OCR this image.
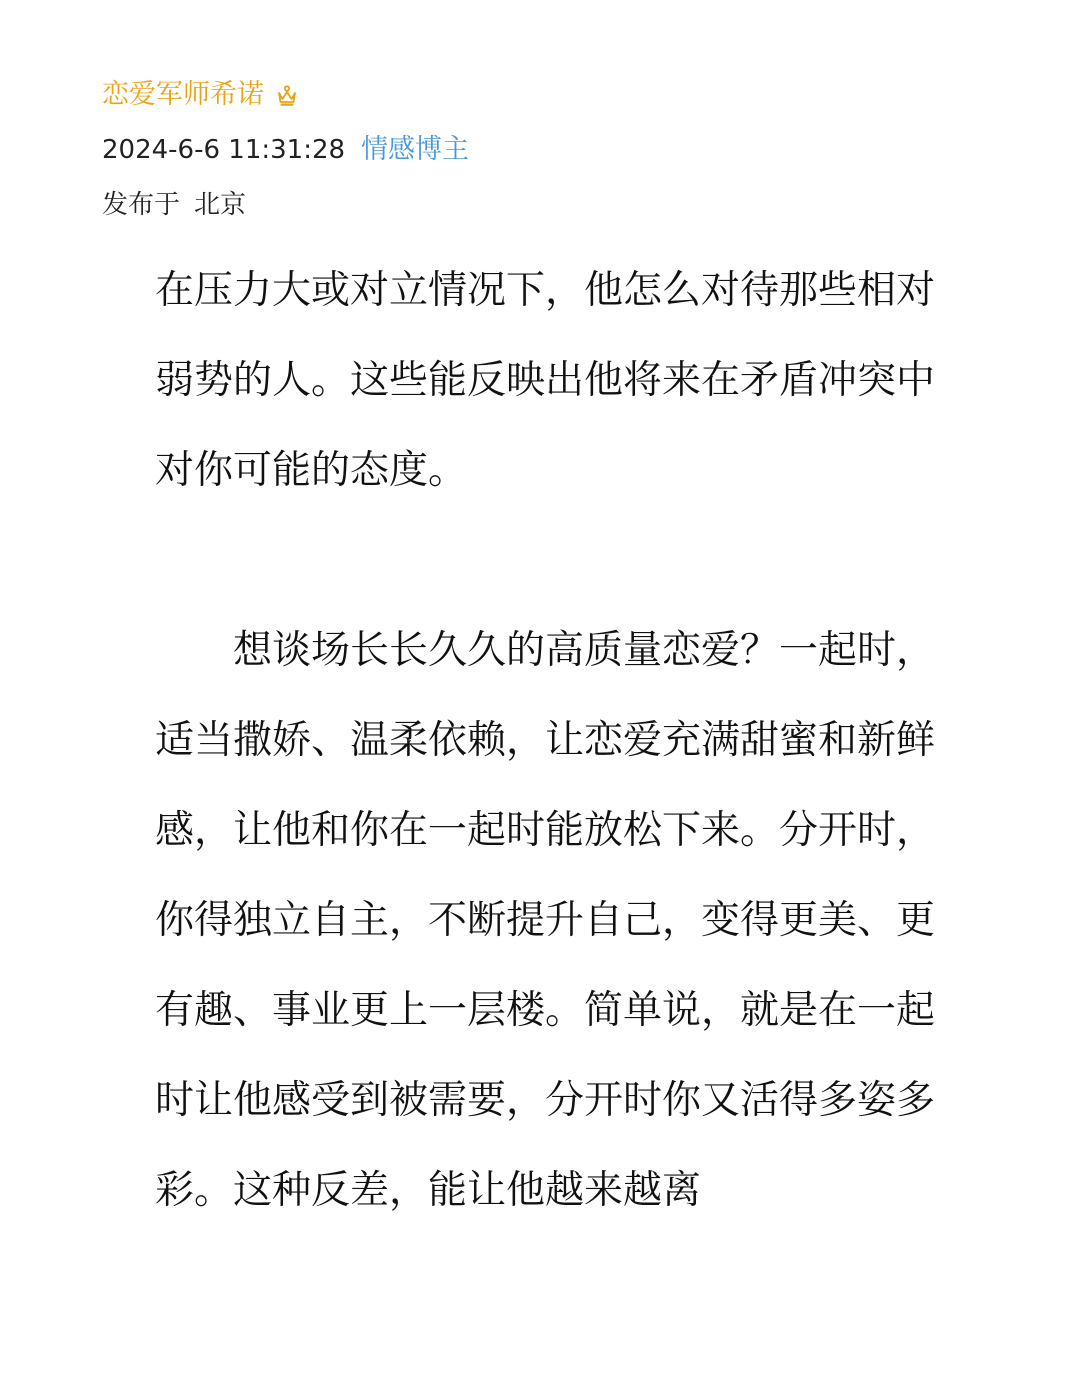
恋爱军师希诺
2024-6-6 11:31:28 情感博主
发布于 北京

在压力大或对立情况下，他怎么对待那些相对弱势的人。这些能反映出他将来在矛盾冲突中对你可能的态度。

　　想谈场长长久久的高质量恋爱？一起时，适当撒娇、温柔依赖，让恋爱充满甜蜜和新鲜感，让他和你在一起时能放松下来。分开时，你得独立自主，不断提升自己，变得更美、更有趣、事业更上一层楼。简单说，就是在一起时让他感受到被需要，分开时你又活得多姿多彩。这种反差，能让他越来越离
